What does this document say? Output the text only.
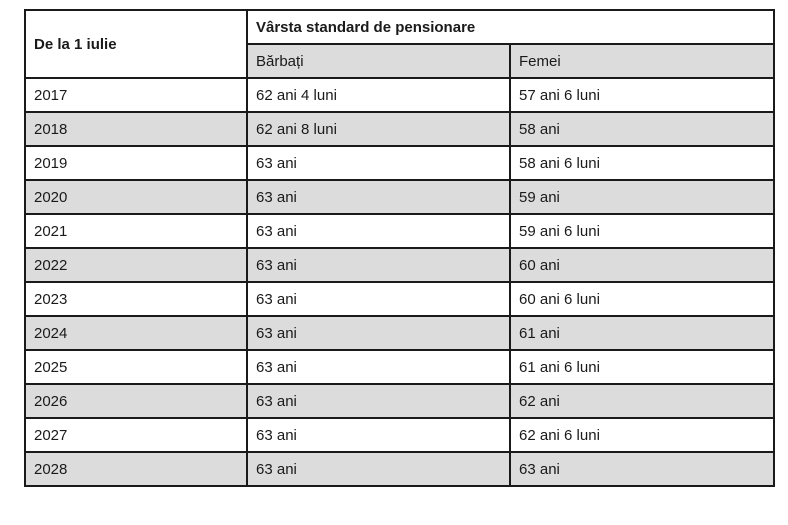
De la 1 iulie	Vârsta standard de pensionare	
	Bărbați	Femei
2017	62 ani 4 luni	57 ani 6 luni
2018	62 ani 8 luni	58 ani
2019	63 ani	58 ani 6 luni
2020	63 ani	59 ani
2021	63 ani	59 ani 6 luni
2022	63 ani	60 ani
2023	63 ani	60 ani 6 luni
2024	63 ani	61 ani
2025	63 ani	61 ani 6 luni
2026	63 ani	62 ani
2027	63 ani	62 ani 6 luni
2028	63 ani	63 ani
